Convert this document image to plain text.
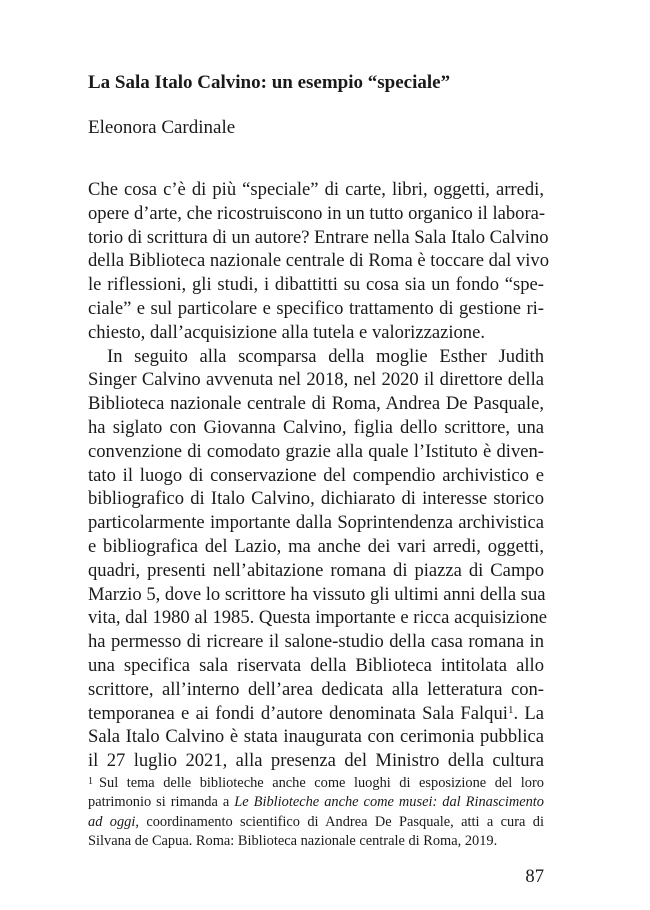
La Sala Italo Calvino: un esempio “speciale”

Eleonora Cardinale

Che cosa c’è di più “speciale” di carte, libri, oggetti, arredi,
opere d’arte, che ricostruiscono in un tutto organico il labora-
torio di scrittura di un autore? Entrare nella Sala Italo Calvino
della Biblioteca nazionale centrale di Roma è toccare dal vivo
le riflessioni, gli studi, i dibattitti su cosa sia un fondo “spe-
ciale” e sul particolare e specifico trattamento di gestione ri-
chiesto, dall’acquisizione alla tutela e valorizzazione.
In seguito alla scomparsa della moglie Esther Judith
Singer Calvino avvenuta nel 2018, nel 2020 il direttore della
Biblioteca nazionale centrale di Roma, Andrea De Pasquale,
ha siglato con Giovanna Calvino, figlia dello scrittore, una
convenzione di comodato grazie alla quale l’Istituto è diven-
tato il luogo di conservazione del compendio archivistico e
bibliografico di Italo Calvino, dichiarato di interesse storico
particolarmente importante dalla Soprintendenza archivistica
e bibliografica del Lazio, ma anche dei vari arredi, oggetti,
quadri, presenti nell’abitazione romana di piazza di Campo
Marzio 5, dove lo scrittore ha vissuto gli ultimi anni della sua
vita, dal 1980 al 1985. Questa importante e ricca acquisizione
ha permesso di ricreare il salone-studio della casa romana in
una specifica sala riservata della Biblioteca intitolata allo
scrittore, all’interno dell’area dedicata alla letteratura con-
temporanea e ai fondi d’autore denominata Sala Falqui$^1$. La
Sala Italo Calvino è stata inaugurata con cerimonia pubblica
il 27 luglio 2021, alla presenza del Ministro della cultura
$^1$ Sul tema delle biblioteche anche come luoghi di esposizione del loro
patrimonio si rimanda a Le Biblioteche anche come musei: dal Rinascimento
ad oggi, coordinamento scientifico di Andrea De Pasquale, atti a cura di
Silvana de Capua. Roma: Biblioteca nazionale centrale di Roma, 2019.
87
